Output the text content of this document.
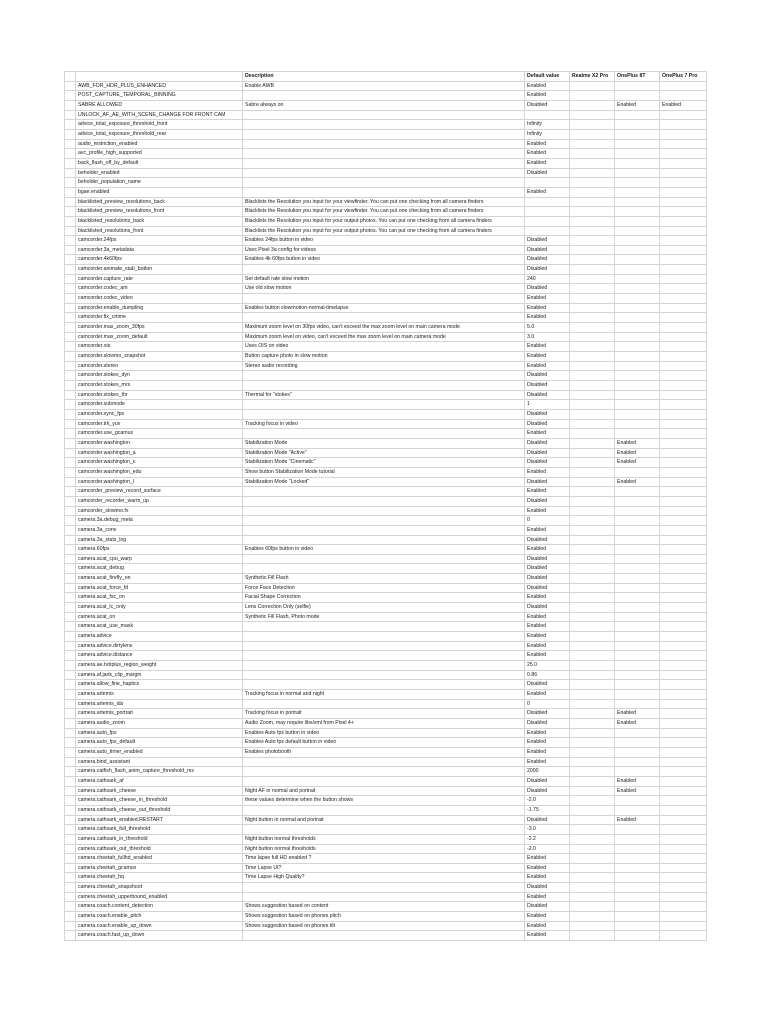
		Description	Default value	Realme X2 Pro	OnePlus 8T	OnePlus 7 Pro
	AWB_FOR_HDR_PLUS_ENHANCED	Enable AWB	Enabled			
	POST_CAPTURE_TEMPORAL_BINNING		Enabled			
	SABRE ALLOWED	Sabre always on	Disabled		Enabled	Enabled
	UNLOCK_AF_AE_WITH_SCENE_CHANGE FOR FRONT CAM					
	advice_total_exposure_threshold_front		Infinity			
	advice_total_exposure_threshold_rear		Infinity			
	audio_restriction_enabled		Enabled			
	avc_profile_high_supported		Enabled			
	back_flash_off_by_default		Enabled			
	beholder_enabled		Disabled			
	beholder_population_name					
	bgae.enabled		Enabled			
	blacklisted_preview_resolutions_back	Blacklists the Resolution you input for your viewfinder. You can put one checking from all camera finders				
	blacklisted_preview_resolutions_front	Blacklists the Resolution you input for your viewfinder. You can put one checking from all camera finders				
	blacklisted_resolutions_back	Blacklists the Resolution you input for your output photos. You can put one checking from all camera finders				
	blacklisted_resolutions_front	Blacklists the Resolution you input for your output photos. You can put one checking from all camera finders				
	camcorder.24fps	Enables 24fps button in video	Disabled			
	camcorder.3a_metadata	Uses Pixel 3a config for videos	Disabled			
	camcorder.4k60fps	Enables 4k 60fps button in video	Disabled			
	camcorder.animate_stab_button		Disabled			
	camcorder.capture_rate	Set default rate slow motion	240			
	camcorder.codec_am	Use old slow motion	Disabled			
	camcorder.codec_video		Enabled			
	camcorder.enable_dumpling	Enables button slowmotion-normal-timelapse	Enabled			
	camcorder.fix_crtime		Enabled			
	camcorder.max_zoom_30fps	Maximum zoom level on 30fps video, can't exceed the max zoom level on main camera mode	5.0			
	camcorder.max_zoom_default	Maximum zoom level on video, can't exceed the max zoom level on main camera mode	3.0			
	camcorder.ois	Uses OIS on video	Enabled			
	camcorder.slowmo_snapshot	Button capture photo in slow motion	Enabled			
	camcorder.stereo	Stereo audio recording	Enabled			
	camcorder.stokes_dyn		Disabled			
	camcorder.stokes_mrs		Disabled			
	camcorder.stokes_thr	Thermal for "stokes"	Disabled			
	camcorder.submode		1			
	camcorder.sync_fps		Disabled			
	camcorder.trk_yuv	Tracking focus in video	Disabled			
	camcorder.use_gcamux		Enabled			
	camcorder.washington	Stabilization Mode	Disabled		Enabled	
	camcorder.washington_a	Stabilization Mode "Active"	Disabled		Enabled	
	camcorder.washington_c	Stabilization Mode "Cinematic"	Disabled		Enabled	
	camcorder.washington_edu	Show button Stabilization Mode tutorial	Enabled			
	camcorder.washington_l	Stabilization Mode "Locked"	Disabled		Enabled	
	camcorder_preview_record_surface		Enabled			
	camcorder_recorder_warm_up		Disabled			
	camcorder_slowmo.fx		Enabled			
	camera.3a.debug_meta		0			
	camera.3a_conv		Enabled			
	camera.3a_stats_log		Disabled			
	camera.60fps	Enables 60fps button in video	Enabled			
	camera.acat_cpu_warp		Disabled			
	camera.acat_debug		Disabled			
	camera.acat_firefly_on	Synthetic Fill Flash	Disabled			
	camera.acat_force_fd	Force Face Detection	Disabled			
	camera.acat_fsc_on	Facial Shape Correction	Enabled			
	camera.acat_lc_only	Lens Correction Only (selfie)	Disabled			
	camera.acat_on	Synthetic Fill Flash, Photo mode	Enabled			
	camera.acat_use_mask		Enabled			
	camera.advice		Enabled			
	camera.advice.dirtylens		Enabled			
	camera.advice.distance		Enabled			
	camera.ae.hdrplus_region_weight		25.0			
	camera.af.jank_clip_margin		0.86			
	camera.allow_fine_haptics		Disabled			
	camera.artemis	Tracking focus in normal and night	Enabled			
	camera.artemis_ids		0			
	camera.artemis_portrait	Tracking focus in portrait	Disabled		Enabled	
	camera.audio_zoom	Audio Zoom, may require libs/xml from Pixel 4+	Disabled		Enabled	
	camera.auto_fps	Enables Auto fps button in video	Enabled			
	camera.auto_fps_default	Enables Auto fps default button in video	Enabled			
	camera.auto_timer_enabled	Enables photobooth	Enabled			
	camera.bind_assistant		Enabled			
	camera.catfish_flash_anim_capture_threshold_ms		2000			
	camera.cathsark_af		Disabled		Enabled	
	camera.cathsark_cheese	Night AF in normal and portrait	Disabled		Enabled	
	camera.cathsark_cheese_in_threshold	these values determine when the button shows	-2.0			
	camera.cathsark_cheese_out_threshold		-1.75			
	camera.cathsark_enabled.RESTART	Night button in normal and portrait	Disabled		Enabled	
	camera.cathsark_full_threshold		-3.0			
	camera.cathsark_in_threshold	Night button normal thresholds	-2.2			
	camera.cathsark_out_threshold	Night button normal thresholds	-2.0			
	camera.cheetah_fullhd_enabled	Time lapse full HD enabled ?	Enabled			
	camera.cheetah_gcamux	Time Lapse UI?	Enabled			
	camera.cheetah_hq	Time Lapse High Quality?	Enabled			
	camera.cheetah_snapshoot		Disabled			
	camera.cheetah_upperbound_enabled		Enabled			
	camera.coach.content_detection	Shows suggestion based on content	Disabled			
	camera.coach.enable_pitch	Shows suggestion based on phones pitch	Enabled			
	camera.coach.enable_up_down	Shows suggestion based on phones tilt	Enabled			
	camera.coach.fast_up_down		Enabled			
